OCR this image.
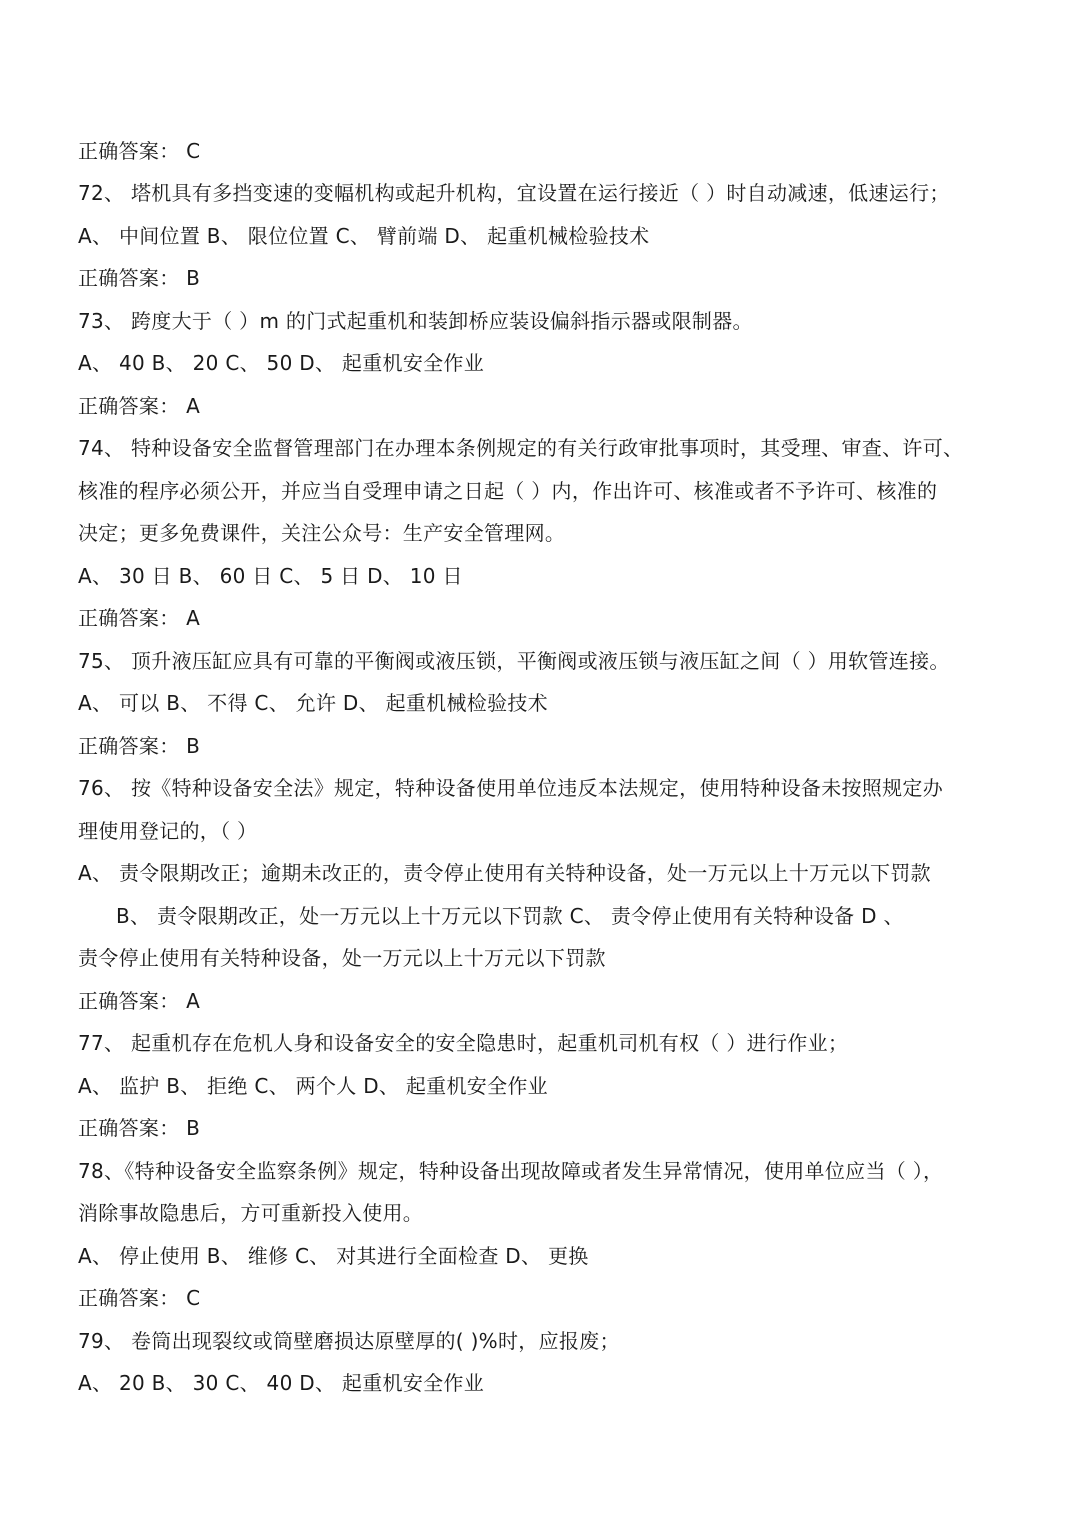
正确答案： C
72、 塔机具有多挡变速的变幅机构或起升机构，宜设置在运行接近（ ）时自动减速，低速运行；
A、 中间位置 B、 限位位置 C、 臂前端 D、 起重机械检验技术
正确答案： B
73、 跨度大于（ ）m 的门式起重机和装卸桥应装设偏斜指示器或限制器。
A、 40 B、 20 C、 50 D、 起重机安全作业
正确答案： A
74、 特种设备安全监督管理部门在办理本条例规定的有关行政审批事项时，其受理、审查、许可、
核准的程序必须公开，并应当自受理申请之日起（ ）内，作出许可、核准或者不予许可、核准的
决定；更多免费课件，关注公众号：生产安全管理网。
A、 30 日 B、 60 日 C、 5 日 D、 10 日
正确答案： A
75、 顶升液压缸应具有可靠的平衡阀或液压锁，平衡阀或液压锁与液压缸之间（ ）用软管连接。
A、 可以 B、 不得 C、 允许 D、 起重机械检验技术
正确答案： B
76、 按《特种设备安全法》规定，特种设备使用单位违反本法规定，使用特种设备未按照规定办
理使用登记的，（ ）
A、 责令限期改正；逾期未改正的，责令停止使用有关特种设备，处一万元以上十万元以下罚款
B、 责令限期改正，处一万元以上十万元以下罚款 C、 责令停止使用有关特种设备 D 、
责令停止使用有关特种设备，处一万元以上十万元以下罚款
正确答案： A
77、 起重机存在危机人身和设备安全的安全隐患时，起重机司机有权（ ）进行作业；
A、 监护 B、 拒绝 C、 两个人 D、 起重机安全作业
正确答案： B
78、《特种设备安全监察条例》规定，特种设备出现故障或者发生异常情况，使用单位应当（ ），
消除事故隐患后，方可重新投入使用。
A、 停止使用 B、 维修 C、 对其进行全面检查 D、 更换
正确答案： C
79、 卷筒出现裂纹或筒壁磨损达原壁厚的( )%时，应报废；
A、 20 B、 30 C、 40 D、 起重机安全作业
